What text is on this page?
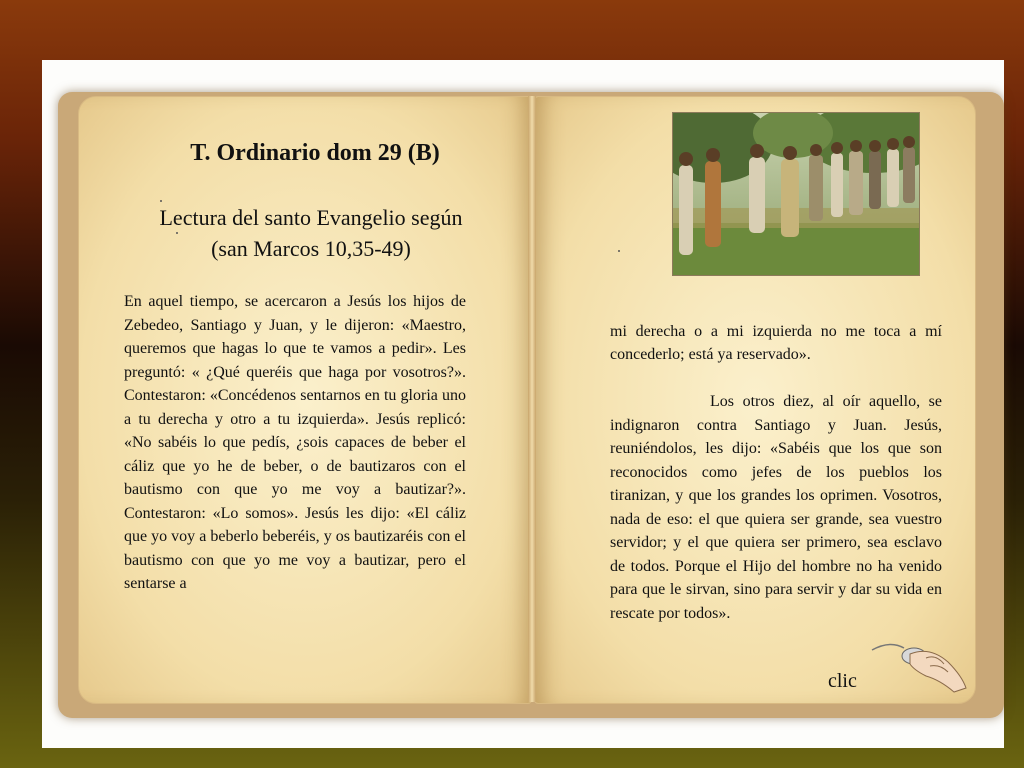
T. Ordinario dom 29 (B)
Lectura del santo Evangelio según
(san Marcos 10,35-49)
En aquel tiempo, se acercaron a Jesús los hijos de Zebedeo, Santiago y Juan, y le dijeron: «Maestro, queremos que hagas lo que te vamos a pedir». Les preguntó: « ¿Qué queréis que haga por vosotros?». Contestaron: «Concédenos sentarnos en tu gloria uno a tu derecha y otro a tu izquierda». Jesús replicó: «No sabéis lo que pedís, ¿sois capaces de beber el cáliz que yo he de beber, o de bautizaros con el bautismo con que yo me voy a bautizar?». Contestaron: «Lo somos». Jesús les dijo: «El cáliz que yo voy a beberlo beberéis, y os bautizaréis con el bautismo con que yo me voy a bautizar, pero el sentarse a

mi derecha o a mi izquierda no me toca a mí concederlo; está ya reservado».

Los otros diez, al oír aquello, se indignaron contra Santiago y Juan. Jesús, reuniéndolos, les dijo: «Sabéis que los que son reconocidos como jefes de los pueblos los tiranizan, y que los grandes los oprimen. Vosotros, nada de eso: el que quiera ser grande, sea vuestro servidor; y el que quiera ser primero, sea esclavo de todos. Porque el Hijo del hombre no ha venido para que le sirvan, sino para servir y dar su vida en rescate por todos».

clic
